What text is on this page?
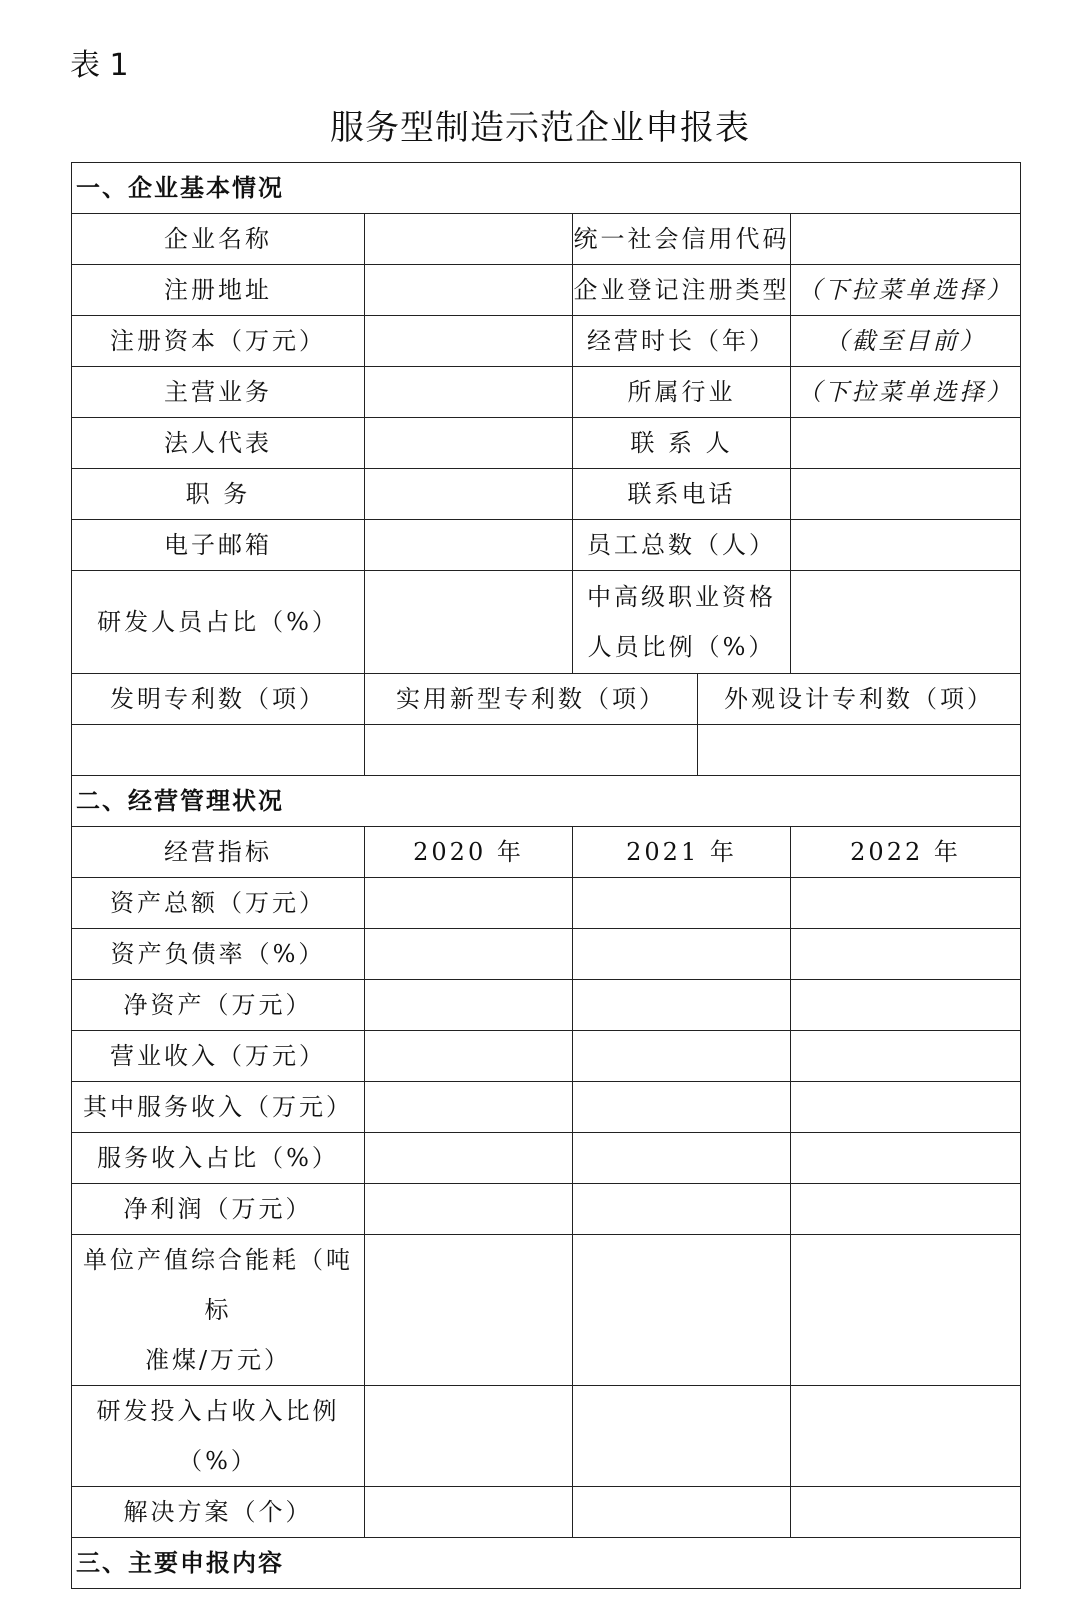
表 1
服务型制造示范企业申报表
一、企业基本情况				
企业名称		统一社会信用代码		
注册地址		企业登记注册类型		（下拉菜单选择）
注册资本（万元）		经营时长（年）		（截至目前）
主营业务		所属行业		（下拉菜单选择）
法人代表		联 系 人		
职 务		联系电话		
电子邮箱		员工总数（人）		
研发人员占比（%）		中高级职业资格
人员比例（%）		

发明专利数（项）	实用新型专利数（项）		外观设计专利数（项）	

二、经营管理状况				
经营指标	2020 年	2021 年		2022 年
资产总额（万元）				
资产负债率（%）				
净资产（万元）				
营业收入（万元）				
其中服务收入（万元）				
服务收入占比（%）				
净利润（万元）				

单位产值综合能耗（吨标
准煤/万元）				

研发投入占收入比例（%）				
解决方案（个）				
三、主要申报内容				
